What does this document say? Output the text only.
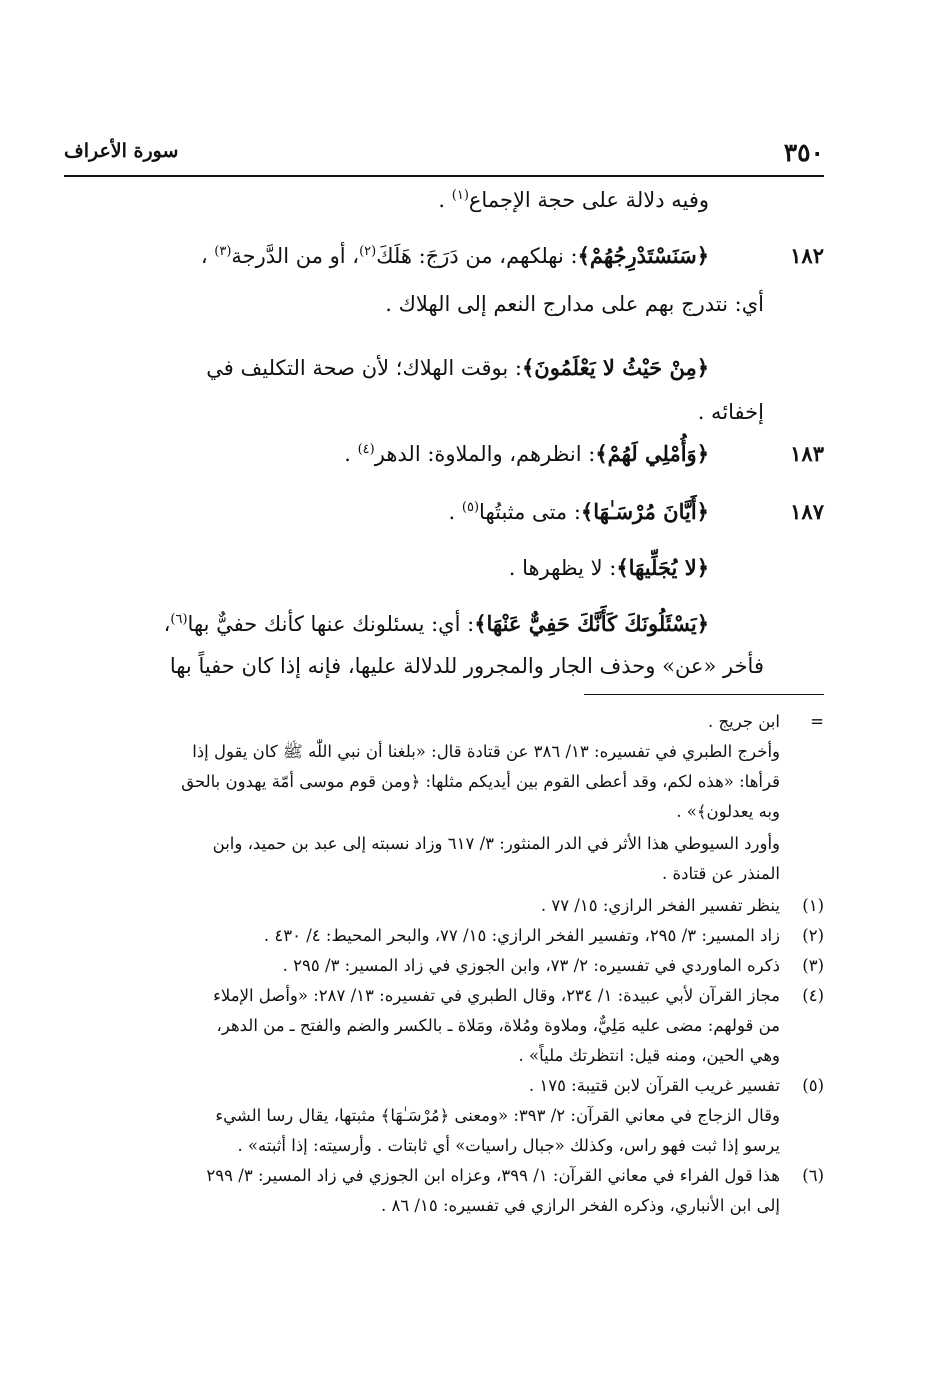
٣٥٠
سورة الأعراف
وفيه دلالة على حجة الإجماع$^{(١)}$ .
١٨٢
﴿سَنَسْتَدْرِجُهُمْ﴾: نهلكهم، من دَرَجَ: هَلَكَ$^{(٢)}$، أو من الدَّرجة$^{(٣)}$ ،
أي: نتدرج بهم على مدارج النعم إلى الهلاك .
﴿مِنْ حَيْثُ لا يَعْلَمُونَ﴾: بوقت الهلاك؛ لأن صحة التكليف في
إخفائه .
١٨٣
﴿وَأُمْلِي لَهُمْ﴾: انظرهم، والملاوة: الدهر$^{(٤)}$ .
١٨٧
﴿أَيَّانَ مُرْسَـٰهَا﴾: متى مثبتُها$^{(٥)}$ .
﴿لا يُجَلِّيهَا﴾: لا يظهرها .
﴿يَسْئَلُونَكَ كَأَنَّكَ حَفِيٌّ عَنْهَا﴾: أي: يسئلونك عنها كأنك حفيٌّ بها$^{(٦)}$،
فأخر «عن» وحذف الجار والمجرور للدلالة عليها، فإنه إذا كان حفياً بها
=
ابن جريج .
وأخرج الطبري في تفسيره: ١٣/ ٣٨٦ عن قتادة قال: «بلغنا أن نبي اللّٰه ﷺ كان يقول إذا
قرأها: «هذه لكم، وقد أعطى القوم بين أيديكم مثلها: ﴿ومن قوم موسى أمّة يهدون بالحق
وبه يعدلون﴾» .
وأورد السيوطي هذا الأثر في الدر المنثور: ٣/ ٦١٧ وزاد نسبته إلى عبد بن حميد، وابن
المنذر عن قتادة .
(١)
ينظر تفسير الفخر الرازي: ١٥/ ٧٧ .
(٢)
زاد المسير: ٣/ ٢٩٥، وتفسير الفخر الرازي: ١٥/ ٧٧، والبحر المحيط: ٤/ ٤٣٠ .
(٣)
ذكره الماوردي في تفسيره: ٢/ ٧٣، وابن الجوزي في زاد المسير: ٣/ ٢٩٥ .
(٤)
مجاز القرآن لأبي عبيدة: ١/ ٢٣٤، وقال الطبري في تفسيره: ١٣/ ٢٨٧: «وأصل الإملاء
من قولهم: مضى عليه مَلِيٌّ، وملاوة ومُلاة، ومَلاة ـ بالكسر والضم والفتح ـ من الدهر،
وهي الحين، ومنه قيل: انتظرتك ملياً» .
(٥)
تفسير غريب القرآن لابن قتيبة: ١٧٥ .
وقال الزجاج في معاني القرآن: ٢/ ٣٩٣: «ومعنى ﴿مُرْسَـٰهَا﴾ مثبتها، يقال رسا الشيء
يرسو إذا ثبت فهو راس، وكذلك «جبال راسيات» أي ثابتات . وأرسيته: إذا أثبته» .
(٦)
هذا قول الفراء في معاني القرآن: ١/ ٣٩٩، وعزاه ابن الجوزي في زاد المسير: ٣/ ٢٩٩
إلى ابن الأنباري، وذكره الفخر الرازي في تفسيره: ١٥/ ٨٦ .
